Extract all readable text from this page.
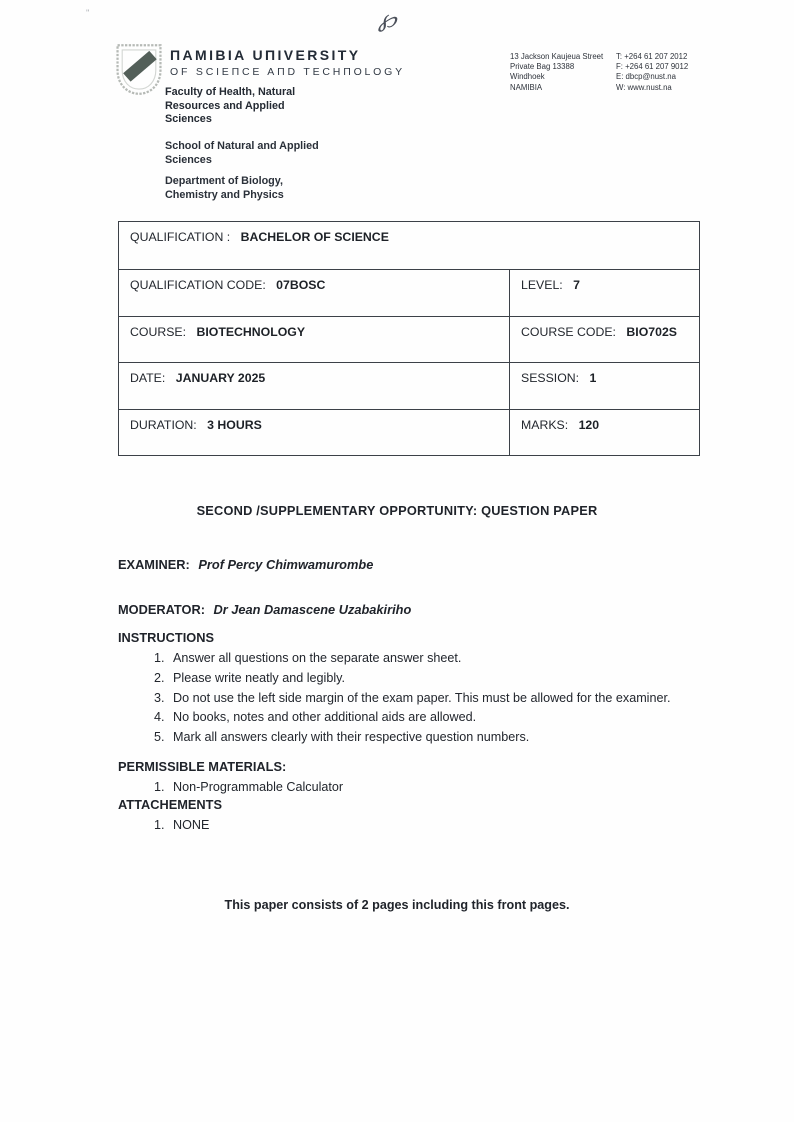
''	℘
ΠAMIBIA UΠIVERSITY
OF SCIEΠCE AΠD TECHΠOLOGY
Faculty of Health, Natural Resources and Applied Sciences
School of Natural and Applied Sciences
Department of Biology, Chemistry and Physics
13 Jackson Kaujeua Street
Private Bag 13388
Windhoek
NAMIBIA
T: +264 61 207 2012
F: +264 61 207 9012
E: dbcp@nust.na
W: www.nust.na
QUALIFICATION : BACHELOR OF SCIENCE
QUALIFICATION CODE: 07BOSC	LEVEL: 7
COURSE: BIOTECHNOLOGY	COURSE CODE: BIO702S
DATE: JANUARY 2025	SESSION: 1
DURATION: 3 HOURS	MARKS: 120
SECOND /SUPPLEMENTARY OPPORTUNITY: QUESTION PAPER
EXAMINER: Prof Percy Chimwamurombe
MODERATOR: Dr Jean Damascene Uzabakiriho
INSTRUCTIONS
1. Answer all questions on the separate answer sheet.
2. Please write neatly and legibly.
3. Do not use the left side margin of the exam paper. This must be allowed for the examiner.
4. No books, notes and other additional aids are allowed.
5. Mark all answers clearly with their respective question numbers.
PERMISSIBLE MATERIALS:
1. Non-Programmable Calculator
ATTACHEMENTS
1. NONE
This paper consists of 2 pages including this front pages.
